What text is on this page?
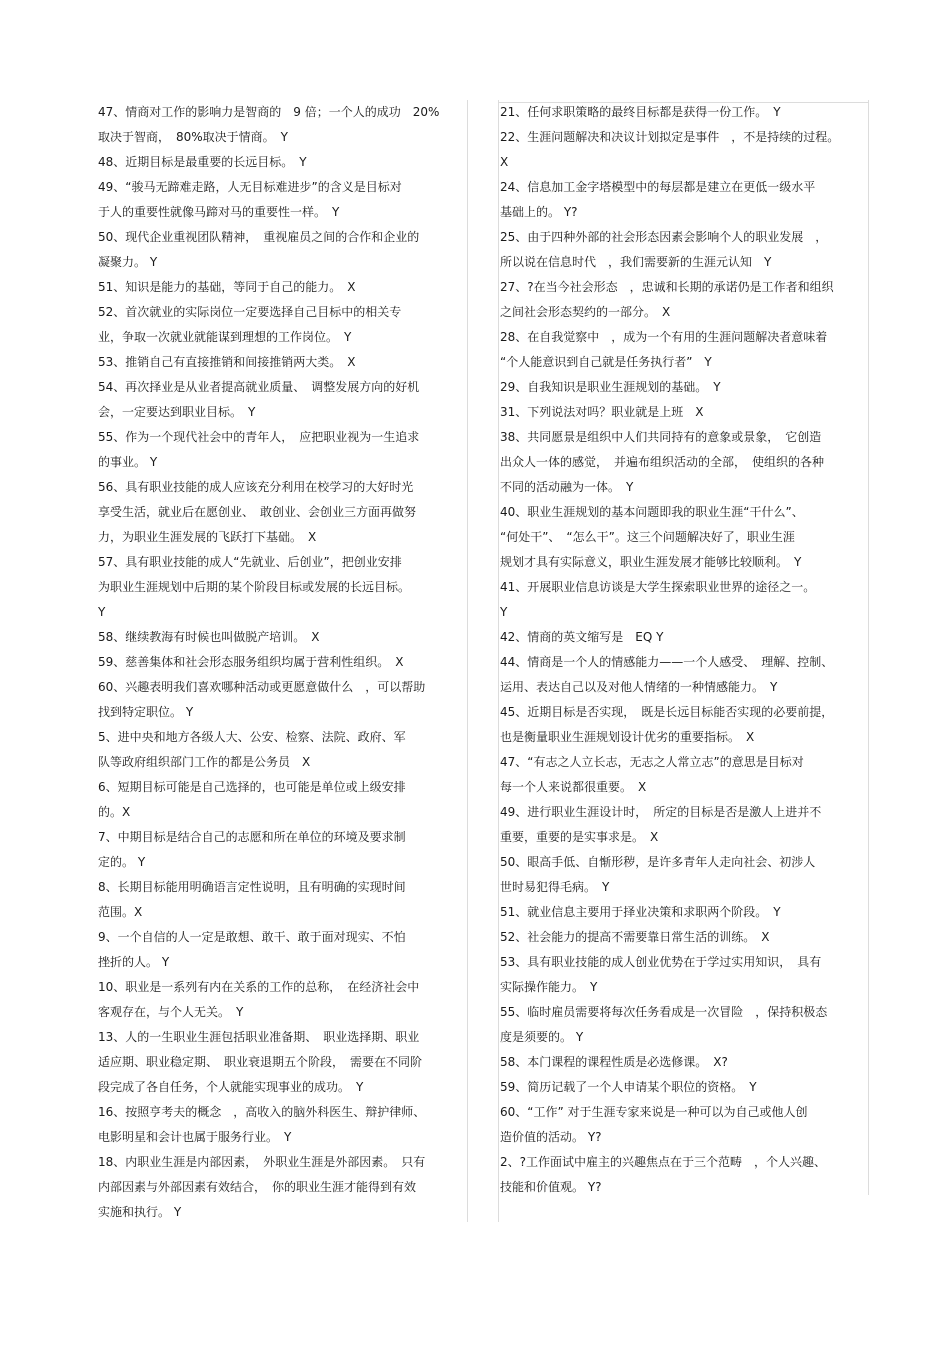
47、情商对工作的影响力是智商的　9 倍；一个人的成功　20%
取决于智商，　80%取决于情商。　Y
48、近期目标是最重要的长远目标。　Y
49、“骏马无蹄难走路，人无目标难进步”的含义是目标对
于人的重要性就像马蹄对马的重要性一样。　Y
50、现代企业重视团队精神，　重视雇员之间的合作和企业的
凝聚力。 Y
51、知识是能力的基础，等同于自己的能力。　X
52、首次就业的实际岗位一定要选择自己目标中的相关专
业，争取一次就业就能谋到理想的工作岗位。　Y
53、推销自己有直接推销和间接推销两大类。　X
54、再次择业是从业者提高就业质量、　调整发展方向的好机
会，一定要达到职业目标。　Y
55、作为一个现代社会中的青年人，　应把职业视为一生追求
的事业。 Y
56、具有职业技能的成人应该充分利用在校学习的大好时光
享受生活，就业后在愿创业、　敢创业、会创业三方面再做努
力，为职业生涯发展的飞跃打下基础。　X
57、具有职业技能的成人“先就业、后创业”，把创业安排
为职业生涯规划中后期的某个阶段目标或发展的长远目标。
Y
58、继续教海有时候也叫做脱产培训。　X
59、慈善集体和社会形态服务组织均属于营利性组织。　X
60、兴趣表明我们喜欢哪种活动或更愿意做什么　，可以帮助
找到特定职位。 Y
5、进中央和地方各级人大、公安、检察、法院、政府、军
队等政府组织部门工作的都是公务员　X
6、短期目标可能是自己选择的，也可能是单位或上级安排
的。X
7、中期目标是结合自己的志愿和所在单位的环境及要求制
定的。 Y
8、长期目标能用明确语言定性说明，且有明确的实现时间
范围。X
9、一个自信的人一定是敢想、敢干、敢于面对现实、不怕
挫折的人。 Y
10、职业是一系列有内在关系的工作的总称，　在经济社会中
客观存在，与个人无关。　Y
13、人的一生职业生涯包括职业准备期、　职业选择期、职业
适应期、职业稳定期、　职业衰退期五个阶段，　需要在不同阶
段完成了各自任务，个人就能实现事业的成功。　Y
16、按照亨考夫的概念　，高收入的脑外科医生、辩护律师、
电影明星和会计也属于服务行业。　Y
18、内职业生涯是内部因素，　外职业生涯是外部因素。　只有
内部因素与外部因素有效结合，　你的职业生涯才能得到有效
实施和执行。 Y
21、任何求职策略的最终目标都是获得一份工作。　Y
22、生涯问题解决和决议计划拟定是事件　，不是持续的过程。
X
24、信息加工金字塔模型中的每层都是建立在更低一级水平
基础上的。 Y?
25、由于四种外部的社会形态因素会影响个人的职业发展　，
所以说在信息时代　，我们需要新的生涯元认知　Y
27、?在当今社会形态　，忠诚和长期的承诺仍是工作者和组织
之间社会形态契约的一部分。　X
28、在自我觉察中　，成为一个有用的生涯问题解决者意味着
“个人能意识到自己就是任务执行者”　Y
29、自我知识是职业生涯规划的基础。　Y
31、下列说法对吗？职业就是上班　X
38、共同愿景是组织中人们共同持有的意象或景象，　它创造
出众人一体的感觉，　并遍布组织活动的全部，　使组织的各种
不同的活动融为一体。　Y
40、职业生涯规划的基本问题即我的职业生涯“干什么”、
“何处干”、　“怎么干”。这三个问题解决好了，职业生涯
规划才具有实际意义，职业生涯发展才能够比较顺利。　Y
41、开展职业信息访谈是大学生探索职业世界的途径之一。
Y
42、情商的英文缩写是　EQ Y
44、情商是一个人的情感能力——一个人感受、　理解、控制、
运用、表达自己以及对他人情绪的一种情感能力。　Y
45、近期目标是否实现，　既是长远目标能否实现的必要前提，
也是衡量职业生涯规划设计优劣的重要指标。　X
47、“有志之人立长志，无志之人常立志”的意思是目标对
每一个人来说都很重要。　X
49、进行职业生涯设计时，　所定的目标是否是激人上进并不
重要，重要的是实事求是。　X
50、眼高手低、自惭形秽，是许多青年人走向社会、初涉人
世时易犯得毛病。　Y
51、就业信息主要用于择业决策和求职两个阶段。　Y
52、社会能力的提高不需要靠日常生活的训练。　X
53、具有职业技能的成人创业优势在于学过实用知识，　具有
实际操作能力。　Y
55、临时雇员需要将每次任务看成是一次冒险　，保持积极态
度是须要的。 Y
58、本门课程的课程性质是必选修课。　X?
59、简历记载了一个人申请某个职位的资格。　Y
60、“工作” 对于生涯专家来说是一种可以为自己或他人创
造价值的活动。 Y?
2、?工作面试中雇主的兴趣焦点在于三个范畴　，个人兴趣、
技能和价值观。 Y?
